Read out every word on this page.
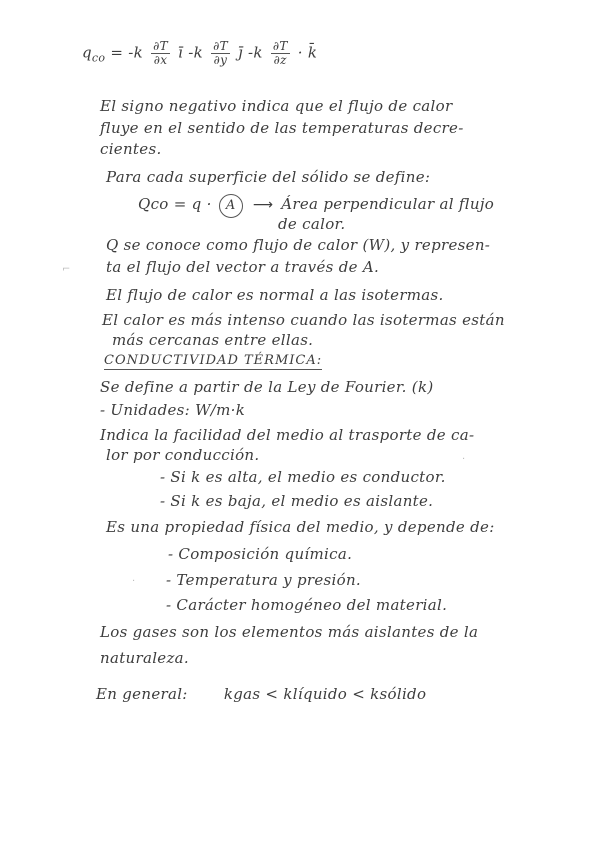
$q_{co} = -k \frac{\partial T}{\partial x}$ ī $-k \frac{\partial T}{\partial y}$ j̄ $-k \frac{\partial T}{\partial z}$ · k̄
El signo negativo indica que el flujo de calor
fluye en el sentido de las temperaturas decre-
cientes.
Para cada superficie del sólido se define:
Qco = q · A ⟶ Área perpendicular al flujo
de calor.
Q se conoce como flujo de calor (W), y represen-
ta el flujo del vector a través de A.
El flujo de calor es normal a las isotermas.
El calor es más intenso cuando las isotermas están
más cercanas entre ellas.
CONDUCTIVIDAD TÉRMICA:
Se define a partir de la Ley de Fourier. (k)
- Unidades: W/m·k
Indica la facilidad del medio al trasporte de ca-
lor por conducción.
- Si k es alta, el medio es conductor.
- Si k es baja, el medio es aislante.
Es una propiedad física del medio, y depende de:
- Composición química.
- Temperatura y presión.
- Carácter homogéneo del material.
Los gases son los elementos más aislantes de la
naturaleza.
En general: kgas < klíquido < ksólido
⌐
·
·
